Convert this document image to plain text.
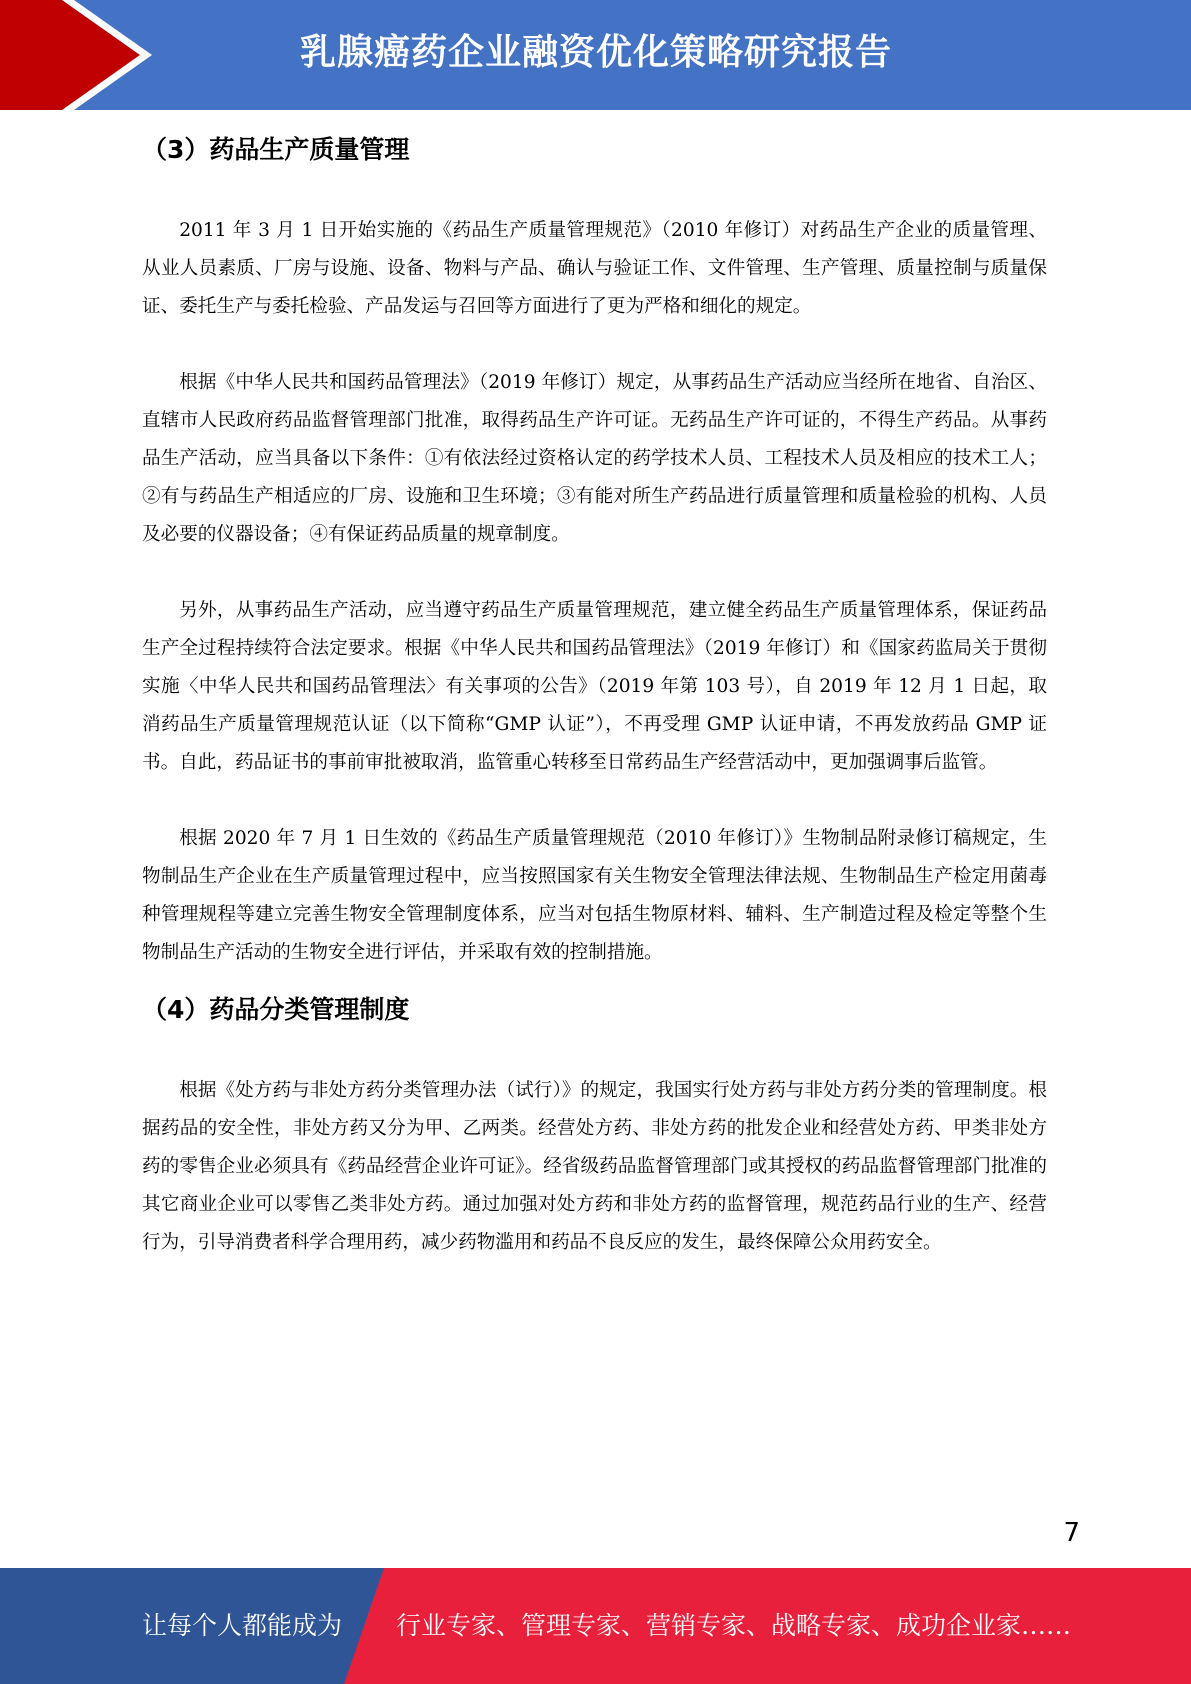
乳腺癌药企业融资优化策略研究报告
（3）药品生产质量管理

2011 年 3 月 1 日开始实施的《药品生产质量管理规范》（2010 年修订）对药品生产企业的质量管理、从业人员素质、厂房与设施、设备、物料与产品、确认与验证工作、文件管理、生产管理、质量控制与质量保证、委托生产与委托检验、产品发运与召回等方面进行了更为严格和细化的规定。

根据《中华人民共和国药品管理法》（2019 年修订）规定，从事药品生产活动应当经所在地省、自治区、直辖市人民政府药品监督管理部门批准，取得药品生产许可证。无药品生产许可证的，不得生产药品。从事药品生产活动，应当具备以下条件：①有依法经过资格认定的药学技术人员、工程技术人员及相应的技术工人；②有与药品生产相适应的厂房、设施和卫生环境；③有能对所生产药品进行质量管理和质量检验的机构、人员及必要的仪器设备；④有保证药品质量的规章制度。

另外，从事药品生产活动，应当遵守药品生产质量管理规范，建立健全药品生产质量管理体系，保证药品生产全过程持续符合法定要求。根据《中华人民共和国药品管理法》（2019 年修订）和《国家药监局关于贯彻实施〈中华人民共和国药品管理法〉有关事项的公告》（2019 年第 103 号），自 2019 年 12 月 1 日起，取消药品生产质量管理规范认证（以下简称“GMP 认证”），不再受理 GMP 认证申请，不再发放药品 GMP 证书。自此，药品证书的事前审批被取消，监管重心转移至日常药品生产经营活动中，更加强调事后监管。

根据 2020 年 7 月 1 日生效的《药品生产质量管理规范（2010 年修订）》生物制品附录修订稿规定，生物制品生产企业在生产质量管理过程中，应当按照国家有关生物安全管理法律法规、生物制品生产检定用菌毒种管理规程等建立完善生物安全管理制度体系，应当对包括生物原材料、辅料、生产制造过程及检定等整个生物制品生产活动的生物安全进行评估，并采取有效的控制措施。

（4）药品分类管理制度

根据《处方药与非处方药分类管理办法（试行）》的规定，我国实行处方药与非处方药分类的管理制度。根据药品的安全性，非处方药又分为甲、乙两类。经营处方药、非处方药的批发企业和经营处方药、甲类非处方药的零售企业必须具有《药品经营企业许可证》。经省级药品监督管理部门或其授权的药品监督管理部门批准的其它商业企业可以零售乙类非处方药。通过加强对处方药和非处方药的监督管理，规范药品行业的生产、经营行为，引导消费者科学合理用药，减少药物滥用和药品不良反应的发生，最终保障公众用药安全。

7
让每个人都能成为 行业专家、管理专家、营销专家、战略专家、成功企业家……
